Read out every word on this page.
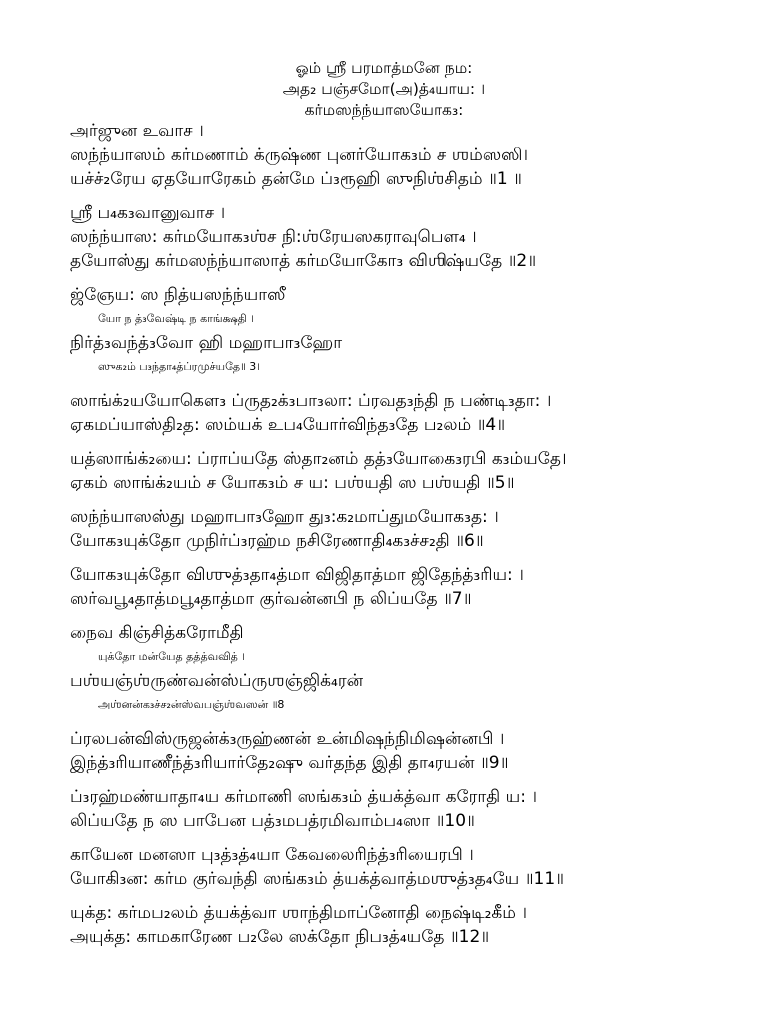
ஓம் ஸ்ரீ பரமாத்மனே நம꞉
அத₂ பஞ்சமோ(அ)த்₄யாய꞉ ।
கர்மஸந்ந்யாஸயோக₃꞉
அர்ஜுன உவாச ।
ஸந்ந்யாஸம் கர்மணாம் க்ருஷ்ண புனர்யோக₃ம் ச ஶம்ஸஸி।
யச்ச்₂ரேய ஏதயோரேகம் தன்மே ப்₃ரூஹி ஸுநிஶ்சிதம் ॥1 ॥
ஶ்ரீ ப₄க₃வானுவாச ।
ஸந்ந்யாஸ꞉ கர்மயோக₃ஶ்ச நி꞉ஶ்ரேயஸகராவுபெள₄ ।
தயோஸ்து கர்மஸந்ந்யாஸாத் கர்மயோகோ₃ விஶிஷ்யதே ॥2॥
ஜ்ஞேய꞉ ஸ நித்யஸந்ந்யாஸீ
யோ ந த்₃வேஷ்டி ந காங்க்ஷதி ।
நிர்த்₃வந்த்₃வோ ஹி மஹாபா₃ஹோ
ஸுக₂ம் ப₃ந்தா₄த்ப்ரமுச்யதே॥ 3।
ஸாங்க்₂யயோகௌ₃ ப்ருத₂க்₃பா₃லா꞉ ப்ரவத₃ந்தி ந பண்டி₃தா꞉ ।
ஏகமப்யாஸ்தி₂த꞉ ஸம்யக் உப₄யோர்விந்த₃தே ப₂லம் ॥4॥
யத்ஸாங்க்₂யை꞉ ப்ராப்யதே ஸ்தா₂னம் தத்₃யோகை₃ரபி க₃ம்யதே।
ஏகம் ஸாங்க்₂யம் ச யோக₃ம் ச ய꞉ பஶ்யதி ஸ பஶ்யதி ॥5॥
ஸந்ந்யாஸஸ்து மஹாபா₃ஹோ து₃꞉க₂மாப்துமயோக₃த꞉ ।
யோக₃யுக்தோ முநிர்ப்₃ரஹ்ம நசிரேணாதி₄க₃ச்ச₂தி ॥6॥
யோக₃யுக்தோ விஶுத்₃தா₄த்மா விஜிதாத்மா ஜிதேந்த்₃ரிய꞉ ।
ஸர்வபூ₄தாத்மபூ₄தாத்மா குர்வன்னபி ந லிப்யதே ॥7॥
நைவ கிஞ்சித்கரோமீதி
யுக்தோ மன்யேத தத்த்வவித் ।
பஶ்யஞ்ஶ்ருண்வன்ஸ்ப்ருஶஞ்ஜிக்₄ரன்
அஶ்னன்க₃ச்ச₂ன்ஸ்வபஞ்ஶ்வஸன் ॥8
ப்ரலபன்விஸ்ருஜன்க்₃ருஹ்ணன் உன்மிஷந்நிமிஷன்னபி ।
இந்த்₃ரியாணீந்த்₃ரியார்தே₂ஷு வர்தந்த இதி தா₄ரயன் ॥9॥
ப்₃ரஹ்மண்யாதா₄ய கர்மாணி ஸங்க₃ம் த்யக்த்வா கரோதி ய꞉ ।
லிப்யதே ந ஸ பாபேன பத்₃மபத்ரமிவாம்ப₄ஸா ॥10॥
காயேன மனஸா பு₃த்₃த்₄யா கேவலைரிந்த்₃ரியைரபி ।
யோகி₃ன꞉ கர்ம குர்வந்தி ஸங்க₃ம் த்யக்த்வாத்மஶுத்₃த₄யே ॥11॥
யுக்த꞉ கர்மப₂லம் த்யக்த்வா ஶாந்திமாப்னோதி நைஷ்டி₂கீம் ।
அயுக்த꞉ காமகாரேண ப₂லே ஸக்தோ நிப₃த்₄யதே ॥12॥
